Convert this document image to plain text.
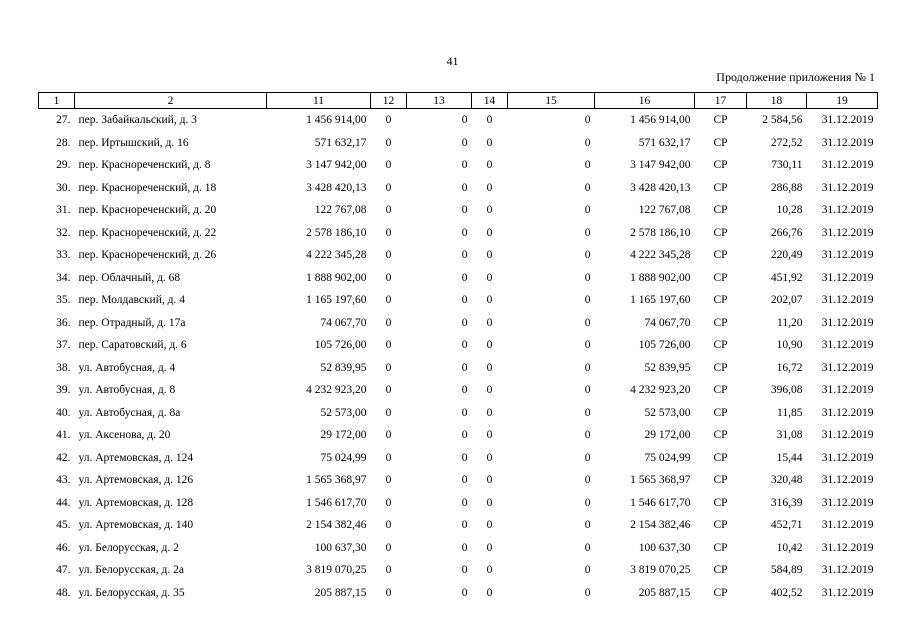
41
Продолжение приложения № 1
1	2	11	12	13	14	15	16	17	18	19
27.	пер. Забайкальский, д. 3	1 456 914,00	0	0	0	0	1 456 914,00	СР	2 584,56	31.12.2019
28.	пер. Иртышский, д. 16	571 632,17	0	0	0	0	571 632,17	СР	272,52	31.12.2019
29.	пер. Краснореченский, д. 8	3 147 942,00	0	0	0	0	3 147 942,00	СР	730,11	31.12.2019
30.	пер. Краснореченский, д. 18	3 428 420,13	0	0	0	0	3 428 420,13	СР	286,88	31.12.2019
31.	пер. Краснореченский, д. 20	122 767,08	0	0	0	0	122 767,08	СР	10,28	31.12.2019
32.	пер. Краснореченский, д. 22	2 578 186,10	0	0	0	0	2 578 186,10	СР	266,76	31.12.2019
33.	пер. Краснореченский, д. 26	4 222 345,28	0	0	0	0	4 222 345,28	СР	220,49	31.12.2019
34.	пер. Облачный, д. 68	1 888 902,00	0	0	0	0	1 888 902,00	СР	451,92	31.12.2019
35.	пер. Молдавский, д. 4	1 165 197,60	0	0	0	0	1 165 197,60	СР	202,07	31.12.2019
36.	пер. Отрадный, д. 17а	74 067,70	0	0	0	0	74 067,70	СР	11,20	31.12.2019
37.	пер. Саратовский, д. 6	105 726,00	0	0	0	0	105 726,00	СР	10,90	31.12.2019
38.	ул. Автобусная, д. 4	52 839,95	0	0	0	0	52 839,95	СР	16,72	31.12.2019
39.	ул. Автобусная, д. 8	4 232 923,20	0	0	0	0	4 232 923,20	СР	396,08	31.12.2019
40.	ул. Автобусная, д. 8а	52 573,00	0	0	0	0	52 573,00	СР	11,85	31.12.2019
41.	ул. Аксенова, д. 20	29 172,00	0	0	0	0	29 172,00	СР	31,08	31.12.2019
42.	ул. Артемовская, д. 124	75 024,99	0	0	0	0	75 024,99	СР	15,44	31.12.2019
43.	ул. Артемовская, д. 126	1 565 368,97	0	0	0	0	1 565 368,97	СР	320,48	31.12.2019
44.	ул. Артемовская, д. 128	1 546 617,70	0	0	0	0	1 546 617,70	СР	316,39	31.12.2019
45.	ул. Артемовская, д. 140	2 154 382,46	0	0	0	0	2 154 382,46	СР	452,71	31.12.2019
46.	ул. Белорусская, д. 2	100 637,30	0	0	0	0	100 637,30	СР	10,42	31.12.2019
47.	ул. Белорусская, д. 2а	3 819 070,25	0	0	0	0	3 819 070,25	СР	584,89	31.12.2019
48.	ул. Белорусская, д. 35	205 887,15	0	0	0	0	205 887,15	СР	402,52	31.12.2019
